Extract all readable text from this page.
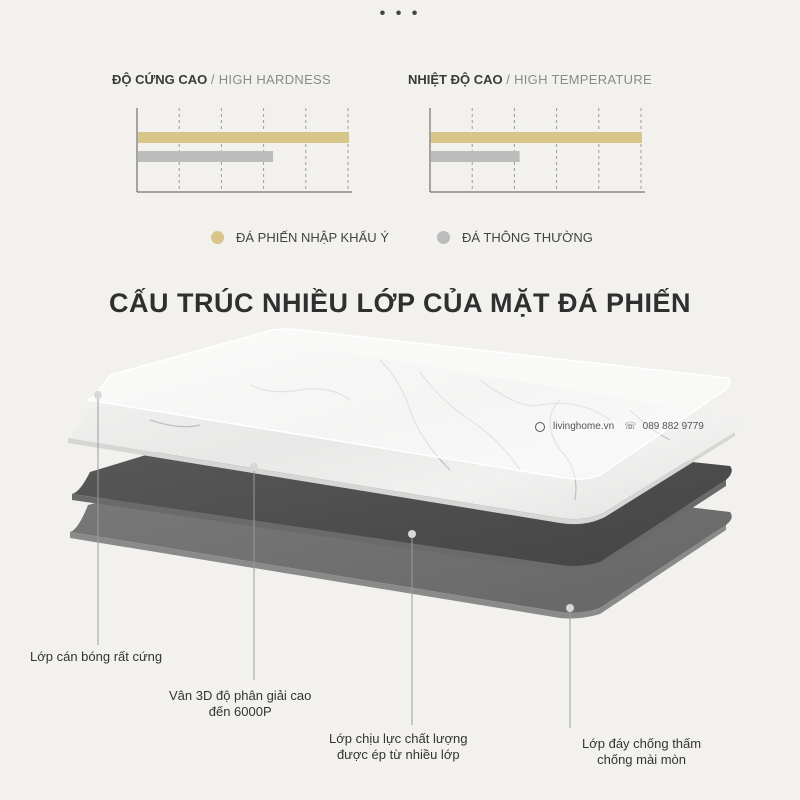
• • •
ĐỘ CỨNG CAO / HIGH HARDNESS	NHIỆT ĐỘ CAO / HIGH TEMPERATURE
ĐÁ PHIẾN NHẬP KHẨU Ý	ĐÁ THÔNG THƯỜNG
CẤU TRÚC NHIỀU LỚP CỦA MẶT ĐÁ PHIẾN
livinghome.vn ☏ 089 882 9779
Lớp cán bóng rất cứng
Vân 3D độ phân giải cao
đến 6000P
Lớp chịu lực chất lượng
được ép từ nhiều lớp
Lớp đáy chống thấm
chống mài mòn
